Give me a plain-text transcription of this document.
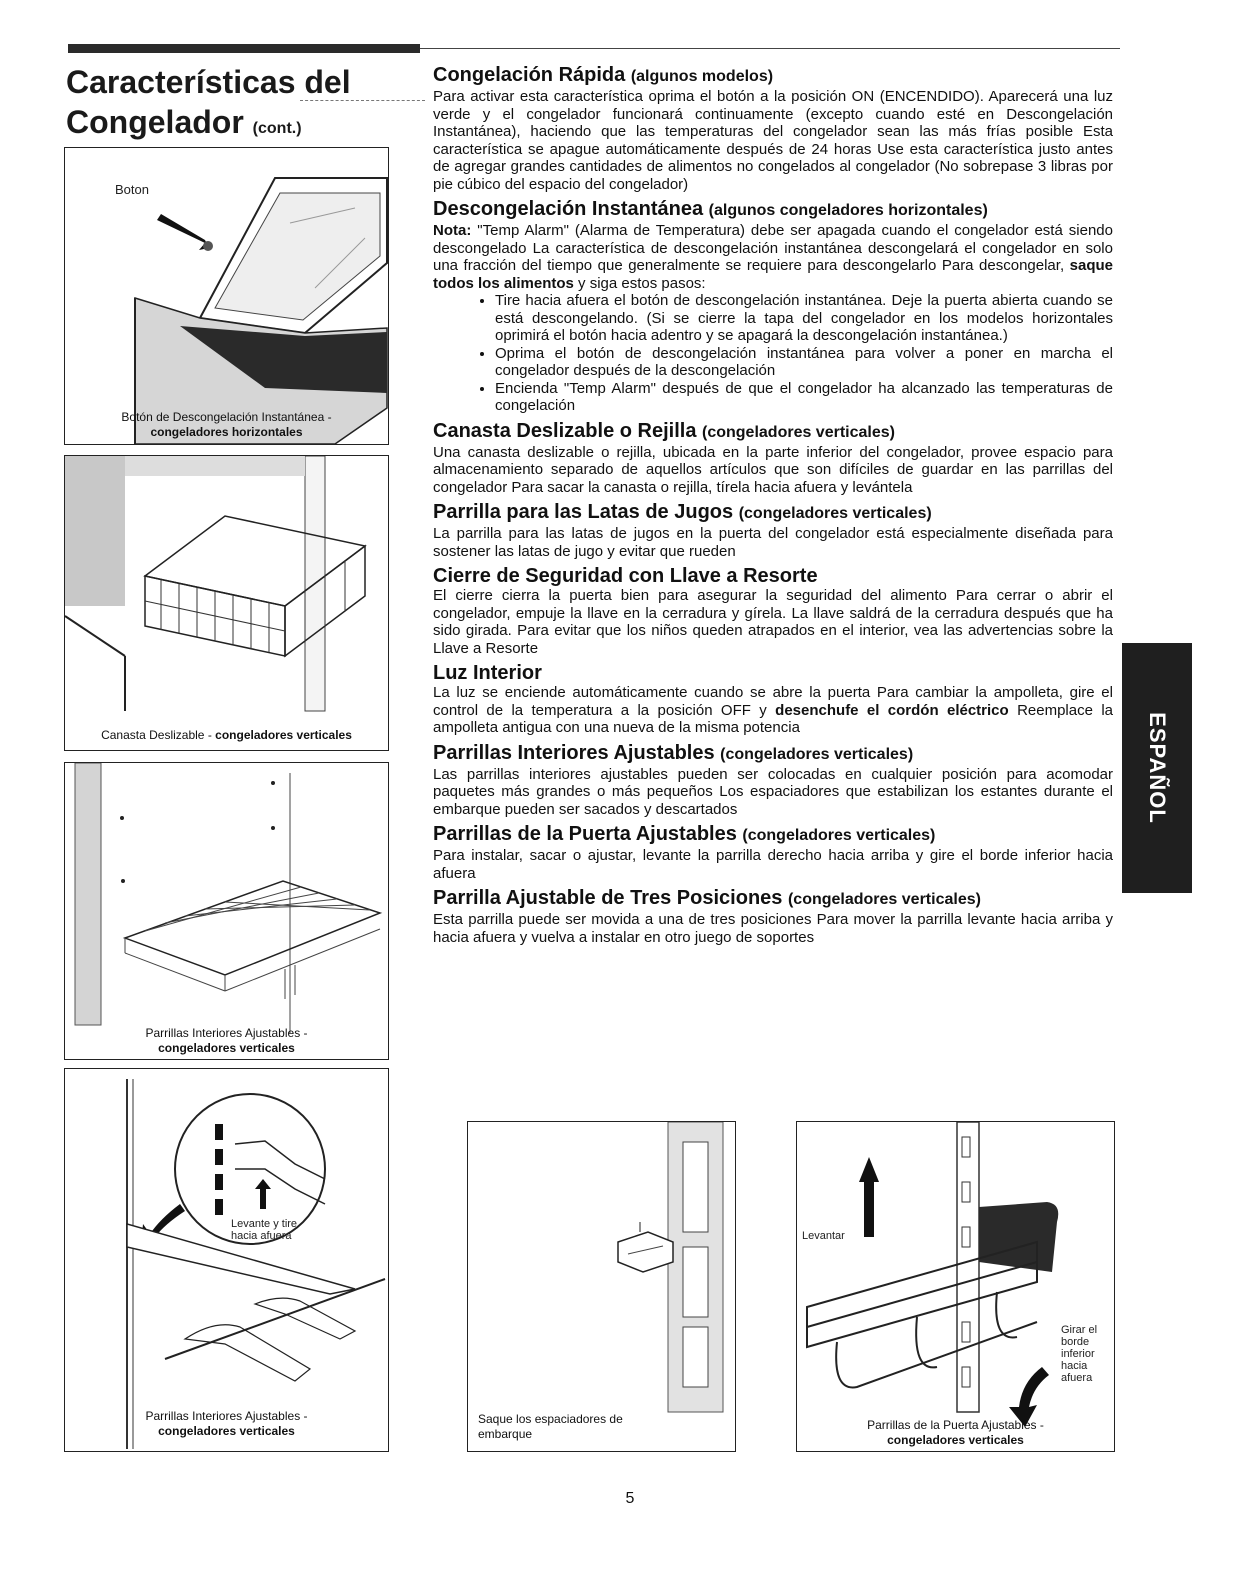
Características del
Congelador (cont.)
Boton
Botón de Descongelación Instantánea -
congeladores horizontales
Canasta Deslizable - congeladores verticales
Parrillas Interiores Ajustables -
congeladores verticales
Levante y tire
hacia afuera
Parrillas Interiores Ajustables -
congeladores verticales
Congelación Rápida (algunos modelos)

Para activar esta característica oprima el botón a la posición ON (ENCENDIDO). Aparecerá una luz verde y el congelador funcionará continuamente (excepto cuando esté en Descongelación Instantánea), haciendo que las temperaturas del congelador sean las más frías posible Esta característica se apague automáticamente después de 24 horas Use esta característica justo antes de agregar grandes cantidades de alimentos no congelados al congelador (No sobrepase 3 libras por pie cúbico del espacio del congelador)

Descongelación Instantánea (algunos congeladores horizontales)

Nota: "Temp Alarm" (Alarma de Temperatura) debe ser apagada cuando el congelador está siendo descongelado La característica de descongelación instantánea descongelará el congelador en solo una fracción del tiempo que generalmente se requiere para descongelarlo Para descongelar, saque todos los alimentos y siga estos pasos:

• Tire hacia afuera el botón de descongelación instantánea. Deje la puerta abierta cuando se está descongelando. (Si se cierre la tapa del congelador en los modelos horizontales oprimirá el botón hacia adentro y se apagará la descongelación instantánea.)
• Oprima el botón de descongelación instantánea para volver a poner en marcha el congelador después de la descongelación
• Encienda "Temp Alarm" después de que el congelador ha alcanzado las temperaturas de congelación
Canasta Deslizable o Rejilla (congeladores verticales)

Una canasta deslizable o rejilla, ubicada en la parte inferior del congelador, provee espacio para almacenamiento separado de aquellos artículos que son difíciles de guardar en las parrillas del congelador Para sacar la canasta o rejilla, tírela hacia afuera y levántela

Parrilla para las Latas de Jugos (congeladores verticales)

La parrilla para las latas de jugos en la puerta del congelador está especialmente diseñada para sostener las latas de jugo y evitar que rueden

Cierre de Seguridad con Llave a Resorte

El cierre cierra la puerta bien para asegurar la seguridad del alimento Para cerrar o abrir el congelador, empuje la llave en la cerradura y gírela. La llave saldrá de la cerradura después que ha sido girada. Para evitar que los niños queden atrapados en el interior, vea las advertencias sobre la Llave a Resorte

Luz Interior

La luz se enciende automáticamente cuando se abre la puerta Para cambiar la ampolleta, gire el control de la temperatura a la posición OFF y desenchufe el cordón eléctrico Reemplace la ampolleta antigua con una nueva de la misma potencia

Parrillas Interiores Ajustables (congeladores verticales)

Las parrillas interiores ajustables pueden ser colocadas en cualquier posición para acomodar paquetes más grandes o más pequeños Los espaciadores que estabilizan los estantes durante el embarque pueden ser sacados y descartados

Parrillas de la Puerta Ajustables (congeladores verticales)

Para instalar, sacar o ajustar, levante la parrilla derecho hacia arriba y gire el borde inferior hacia afuera

Parrilla Ajustable de Tres Posiciones (congeladores verticales)

Esta parrilla puede ser movida a una de tres posiciones Para mover la parrilla levante hacia arriba y hacia afuera y vuelva a instalar en otro juego de soportes

Saque los espaciadores de
embarque
Levantar
Girar el
borde
inferior
hacia
afuera
Parrillas de la Puerta Ajustables -
congeladores verticales
ESPAÑOL
5
